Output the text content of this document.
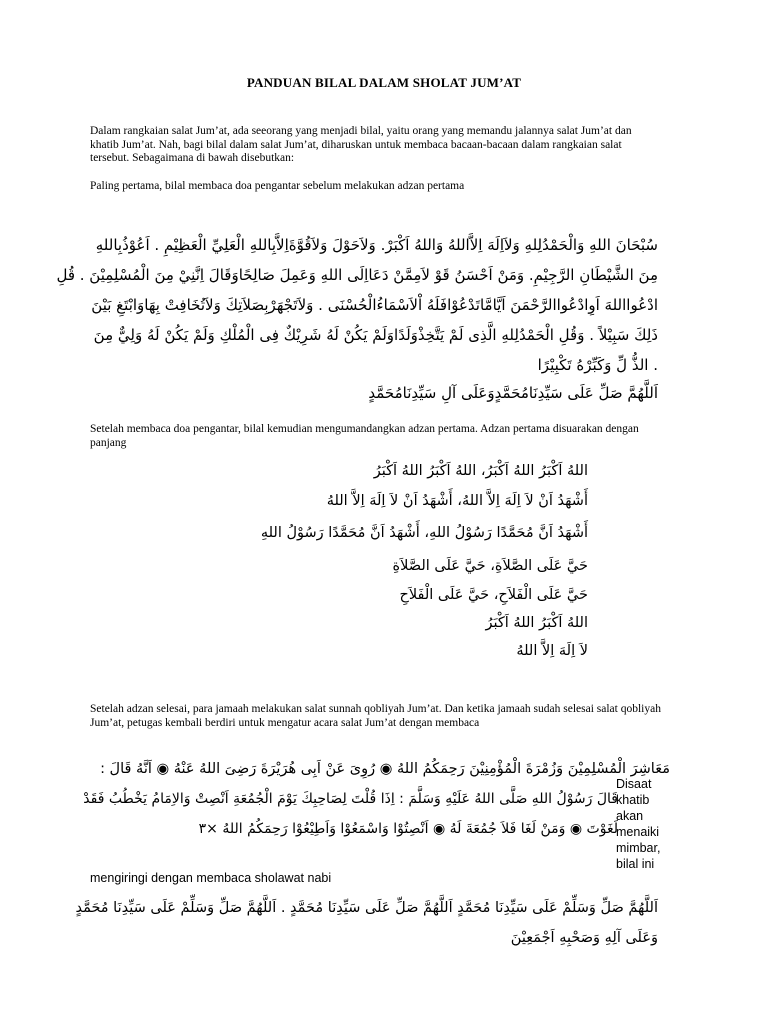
PANDUAN BILAL DALAM SHOLAT JUM’AT
Dalam rangkaian salat Jum’at, ada seeorang yang menjadi bilal, yaitu orang yang memandu jalannya salat Jum’at dan khatib Jum’at. Nah, bagi bilal dalam salat Jum’at, diharuskan untuk membaca bacaan-bacaan dalam rangkaian salat tersebut. Sebagaimana di bawah disebutkan:
Paling pertama, bilal membaca doa pengantar sebelum melakukan adzan pertama
سُبْحَانَ اللهِ وَالْحَمْدُلِلهِ وَلاَاِلَهَ اِلاَّاللهُ وَاللهُ اَكْبَرْ. وَلاَحَوْلَ وَلاَقُوَّةَاِلاَّبِاللهِ الْعَلِيِّ الْعَظِيْمِ . اَعُوْذُبِاللهِ
مِنَ الشَّيْطَانِ الرَّجِيْمِ. وَمَنْ اَحْسَنُ قَوْ لاَمِمَّنْ دَعَااِلَى اللهِ وَعَمِلَ صَالِحًاوَقَالَ اِنَّنِيْ مِنَ الْمُسْلِمِيْنَ . قُلِ
ادْعُوااللهَ اَوِادْعُواالرَّحْمَنَ اَيَّامَّاتَدْعُوْافَلَهُ اْلاَسْمَاءُالْحُسْنَى . وَلاَتَجْهَرْبِصَلاَتِكَ وَلاَتُخَافِتْ بِهَاوَابْتَغِ بَيْنَ
ذَلِكَ سَبِيْلاً . وَقُلِ الْحَمْدُلِلهِ الَّذِى لَمْ يَتَّخِذْوَلَدًاوَلَمْ يَكُنْ لَهُ شَرِيْكٌ فِى الْمُلْكِ وَلَمْ يَكُنْ لَهُ وَلِيٌّ مِنَ
. الذُّ لِّ وَكَبِّرْهُ تَكْبِيْرًا
اَللَّهُمَّ صَلِّ عَلَى سَيِّدِنَامُحَمَّدٍوَعَلَى آلِ سَيِّدِنَامُحَمَّدٍ
Setelah membaca doa pengantar, bilal kemudian mengumandangkan adzan pertama. Adzan pertama disuarakan dengan panjang
اللهُ اَكْبَرُ اللهُ اَكْبَرُ، اللهُ اَكْبَرُ اللهُ اَكْبَرُ
أَشْهَدُ اَنْ لاَ اِلَهَ اِلاَّ اللهُ، أَشْهَدُ اَنْ لاَ اِلَهَ اِلاَّ اللهُ
أَشْهَدُ اَنَّ مُحَمَّدًا رَسُوْلُ اللهِ، أَشْهَدُ اَنَّ مُحَمَّدًا رَسُوْلُ اللهِ
حَيَّ عَلَى الصَّلاَةِ، حَيَّ عَلَى الصَّلاَةِ
حَيَّ عَلَى الْفَلاَحِ، حَيَّ عَلَى الْفَلاَحِ
اللهُ اَكْبَرُ اللهُ اَكْبَرُ
لاَ اِلَهَ اِلاَّ اللهُ
Setelah adzan selesai, para jamaah melakukan salat sunnah qobliyah Jum’at. Dan ketika jamaah sudah selesai salat qobliyah Jum’at, petugas kembali berdiri untuk mengatur acara salat Jum’at dengan membaca
مَعَاشِرَ الْمُسْلِمِيْنَ وَزُمْرَةَ الْمُؤْمِنِيْنَ رَحِمَكُمُ اللهُ ◉ رُوِىَ عَنْ اَبِى هُرَيْرَةَ رَضِىَ اللهُ عَنْهُ ◉ اَنَّهُ قَالَ :
قَالَ رَسُوْلُ اللهِ صَلَّى اللهُ عَلَيْهِ وَسَلَّمَ : اِذَا قُلْتَ لِصَاحِبِكَ يَوْمَ الْجُمُعَةِ اَنْصِتْ وَالاِمَامُ يَخْطُبُ فَقَدْ
لَغَوْتَ ◉ وَمَنْ لَغَا فَلاَ جُمُعَةَ لَهُ ◉ اَنْصِتُوْا وَاسْمَعُوْا وَاَطِيْعُوْا رَحِمَكُمُ اللهُ ×٣
Disaat
khatib
akan
menaiki
mimbar,
bilal ini
mengiringi dengan membaca sholawat nabi
اَللَّهُمَّ صَلِّ وَسَلِّمْ عَلَى سَيِّدِنَا مُحَمَّدٍ اَللَّهُمَّ صَلِّ عَلَى سَيِّدِنَا مُحَمَّدٍ . اَللَّهُمَّ صَلِّ وَسَلِّمْ عَلَى سَيِّدِنَا مُحَمَّدٍ
وَعَلَى آلِهِ وَصَحْبِهِ اَجْمَعِيْنَ
